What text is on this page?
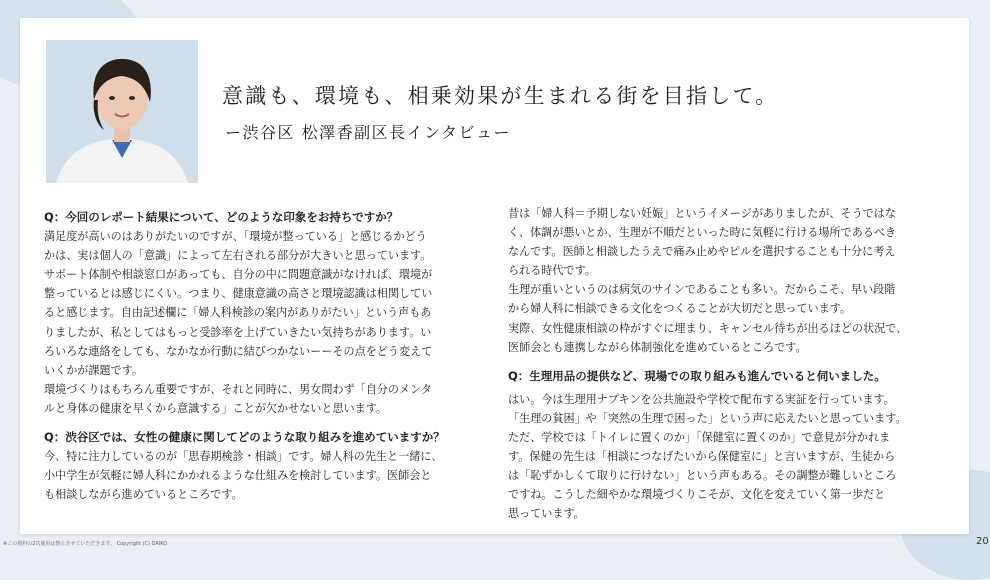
意識も、環境も、相乗効果が生まれる街を目指して。
ー渋谷区 松澤香副区長インタビュー

Q：今回のレポート結果について、どのような印象をお持ちですか？

満足度が高いのはありがたいのですが、「環境が整っている」と感じるかどう
かは、実は個人の「意識」によって左右される部分が大きいと思っています。
サポート体制や相談窓口があっても、自分の中に問題意識がなければ、環境が
整っているとは感じにくい。つまり、健康意識の高さと環境認識は相関してい
ると感じます。自由記述欄に「婦人科検診の案内がありがたい」という声もあ
りましたが、私としてはもっと受診率を上げていきたい気持ちがあります。い
ろいろな連絡をしても、なかなか行動に結びつかないーーその点をどう変えて
いくかが課題です。
環境づくりはもちろん重要ですが、それと同時に、男女問わず「自分のメンタ
ルと身体の健康を早くから意識する」ことが欠かせないと思います。

Q：渋谷区では、女性の健康に関してどのような取り組みを進めていますか？

今、特に注力しているのが「思春期検診・相談」です。婦人科の先生と一緒に、
小中学生が気軽に婦人科にかかれるような仕組みを検討しています。医師会と
も相談しながら進めているところです。

昔は「婦人科＝予期しない妊娠」というイメージがありましたが、そうではな
く、体調が悪いとか、生理が不順だといった時に気軽に行ける場所であるべき
なんです。医師と相談したうえで痛み止めやピルを選択することも十分に考え
られる時代です。
生理が重いというのは病気のサインであることも多い。だからこそ、早い段階
から婦人科に相談できる文化をつくることが大切だと思っています。
実際、女性健康相談の枠がすぐに埋まり、キャンセル待ちが出るほどの状況で、
医師会とも連携しながら体制強化を進めているところです。

Q：生理用品の提供など、現場での取り組みも進んでいると伺いました。

はい。今は生理用ナプキンを公共施設や学校で配布する実証を行っています。
「生理の貧困」や「突然の生理で困った」という声に応えたいと思っています。
ただ、学校では「トイレに置くのか」「保健室に置くのか」で意見が分かれま
す。保健の先生は「相談につなげたいから保健室に」と言いますが、生徒から
は「恥ずかしくて取りに行けない」という声もある。その調整が難しいところ
ですね。こうした細やかな環境づくりこそが、文化を変えていく第一歩だと
思っています。

※この資料の2次使用は禁止させていただきます。 Copyright (C) DAIKO	20
